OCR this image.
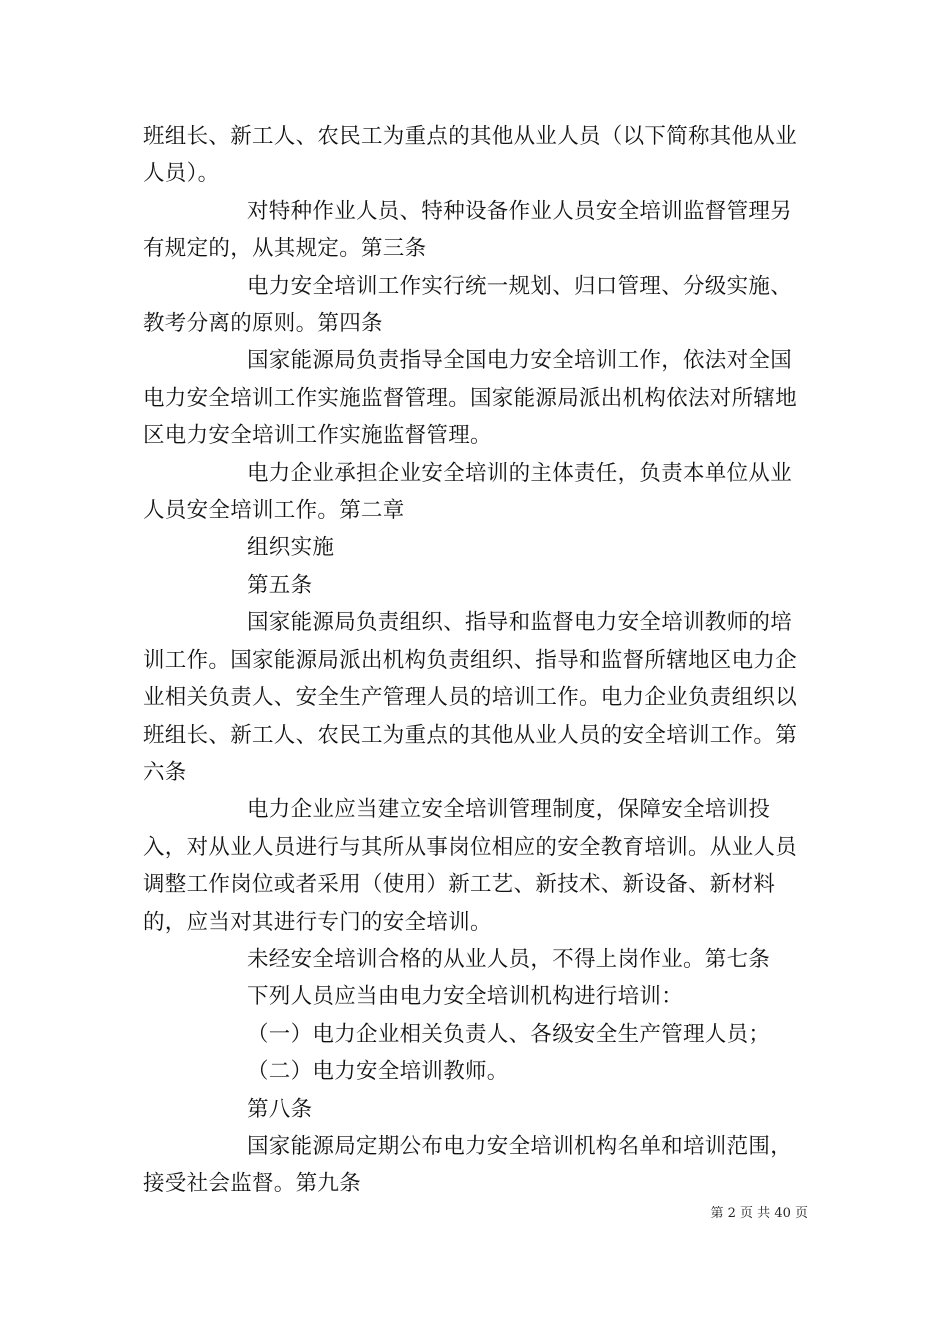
班组长、新工人、农民工为重点的其他从业人员（以下简称其他从业人员）。

对特种作业人员、特种设备作业人员安全培训监督管理另有规定的，从其规定。第三条

电力安全培训工作实行统一规划、归口管理、分级实施、教考分离的原则。第四条

国家能源局负责指导全国电力安全培训工作，依法对全国电力安全培训工作实施监督管理。国家能源局派出机构依法对所辖地区电力安全培训工作实施监督管理。

电力企业承担企业安全培训的主体责任，负责本单位从业人员安全培训工作。第二章

组织实施

第五条

国家能源局负责组织、指导和监督电力安全培训教师的培训工作。国家能源局派出机构负责组织、指导和监督所辖地区电力企业相关负责人、安全生产管理人员的培训工作。电力企业负责组织以班组长、新工人、农民工为重点的其他从业人员的安全培训工作。第六条

电力企业应当建立安全培训管理制度，保障安全培训投入，对从业人员进行与其所从事岗位相应的安全教育培训。从业人员调整工作岗位或者采用（使用）新工艺、新技术、新设备、新材料的，应当对其进行专门的安全培训。

未经安全培训合格的从业人员，不得上岗作业。第七条

下列人员应当由电力安全培训机构进行培训：

（一）电力企业相关负责人、各级安全生产管理人员；

（二）电力安全培训教师。

第八条

国家能源局定期公布电力安全培训机构名单和培训范围，接受社会监督。第九条

第 2 页 共 40 页
